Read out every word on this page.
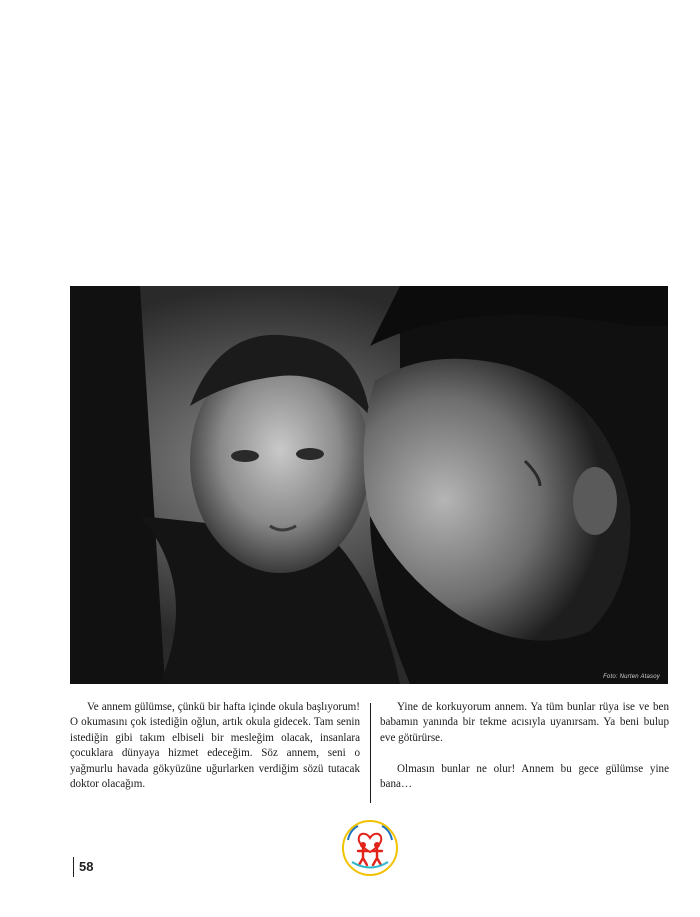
Foto: Nurten Atasoy

Ve annem gülümse, çünkü bir hafta içinde okula başlıyorum! O okumasını çok istediğin oğlun, artık okula gidecek. Tam senin istediğin gibi takım elbiseli bir mesleğim olacak, insanlara çocuklara dünyaya hizmet edeceğim. Söz annem, seni o yağmurlu havada gökyüzüne uğurlarken verdiğim sözü tutacak doktor olacağım.

Yine de korkuyorum annem. Ya tüm bunlar rüya ise ve ben babamın yanında bir tekme acısıyla uyanırsam. Ya beni bulup eve götürürse.

Olmasın bunlar ne olur! Annem bu gece gülümse yine bana…

58
